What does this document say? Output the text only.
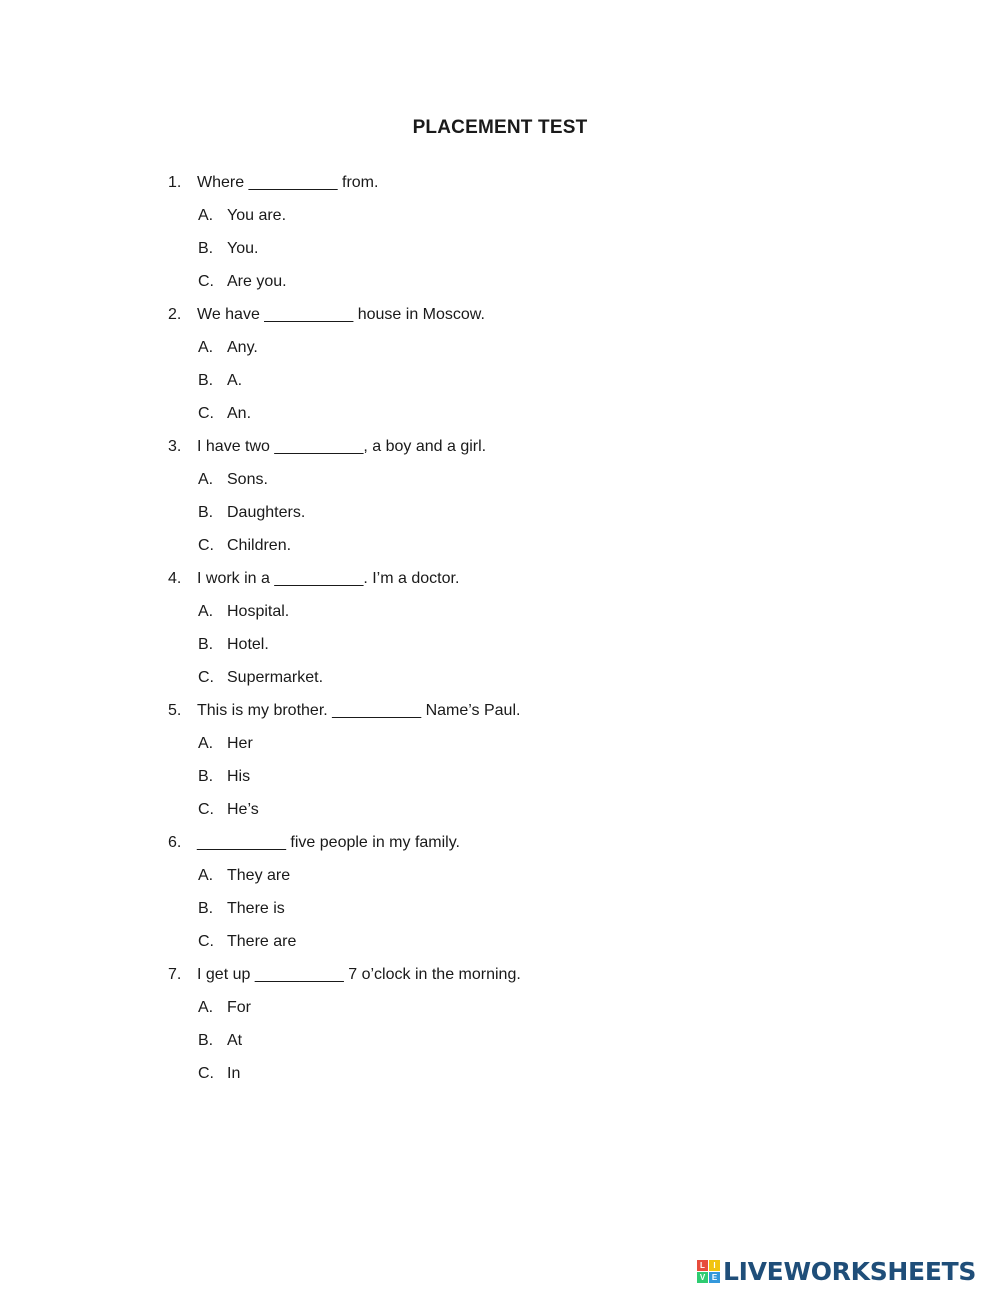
PLACEMENT TEST
1. Where __________ from.
A. You are.
B. You.
C. Are you.
2. We have __________ house in Moscow.
A. Any.
B. A.
C. An.
3. I have two __________, a boy and a girl.
A. Sons.
B. Daughters.
C. Children.
4. I work in a __________. I’m a doctor.
A. Hospital.
B. Hotel.
C. Supermarket.
5. This is my brother. __________ Name’s Paul.
A. Her
B. His
C. He’s
6. __________ five people in my family.
A. They are
B. There is
C. There are
7. I get up __________ 7 o’clock in the morning.
A. For
B. At
C. In
L	I
V E LIVEWORKSHEETS
